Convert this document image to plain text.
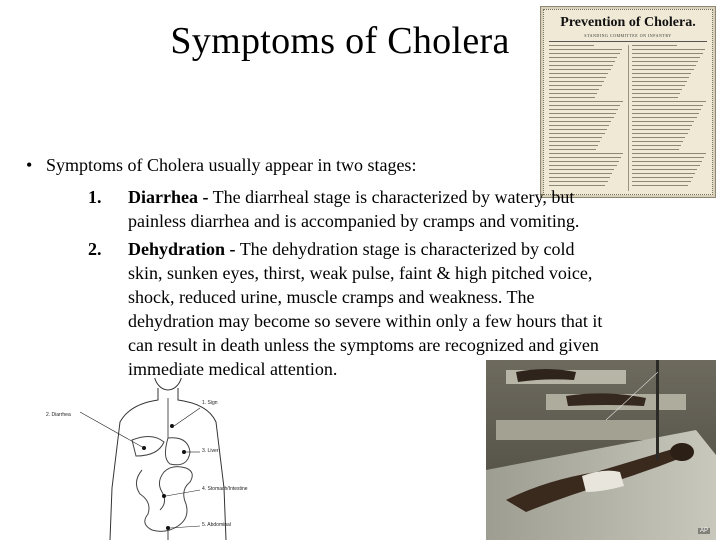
Symptoms of Cholera	Prevention of Cholera.
STANDING COMMITTEE ON INFANTRY
• Symptoms of Cholera usually appear in two stages:
1.	Diarrhea - The diarrheal stage is characterized by watery, but
painless diarrhea and is accompanied by cramps and vomiting.
2.	Dehydration - The dehydration stage is characterized by cold
skin, sunken eyes, thirst, weak pulse, faint & high pitched voice,
shock, reduced urine, muscle cramps and weakness. The
dehydration may become so severe within only a few hours that it
can result in death unless the symptoms are recognized and given
immediate medical attention.
1. Sign
2. Diarrhea
3. Liver
4. Stomach/Intestine
5. Abdominal
AP
